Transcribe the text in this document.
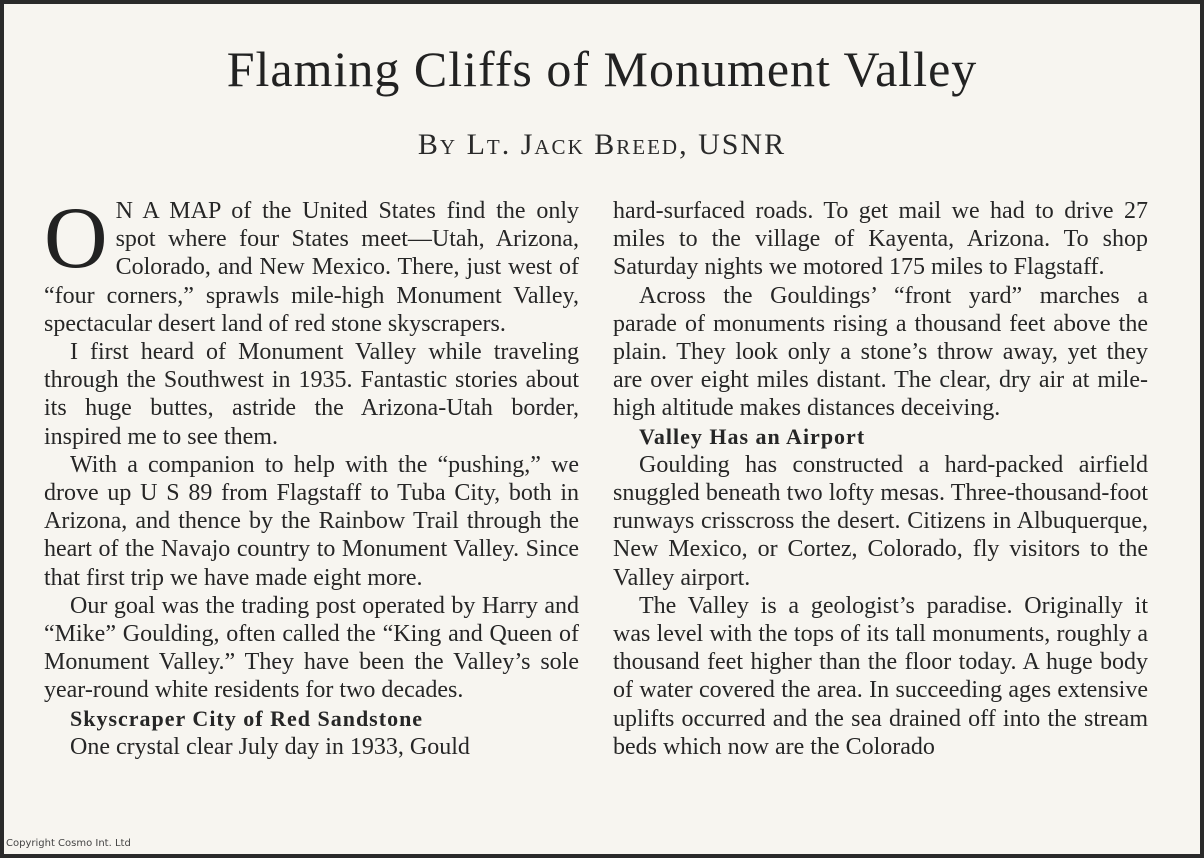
Flaming Cliffs of Monument Valley
By Lt. Jack Breed, USNR

O N A MAP of the United States find the only spot where four States meet—Utah, Arizona, Colorado, and New Mexico. There, just west of “four corners,” sprawls mile-high Monument Valley, spectacular desert land of red stone skyscrapers.

I first heard of Monument Valley while traveling through the Southwest in 1935. Fantastic stories about its huge buttes, astride the Arizona-Utah border, inspired me to see them.

With a companion to help with the “pushing,” we drove up U S 89 from Flagstaff to Tuba City, both in Arizona, and thence by the Rainbow Trail through the heart of the Navajo country to Monument Valley. Since that first trip we have made eight more.

Our goal was the trading post operated by Harry and “Mike” Goulding, often called the “King and Queen of Monument Valley.” They have been the Valley’s sole year-round white residents for two decades.

Skyscraper City of Red Sandstone

One crystal clear July day in 1933, Gould

hard-surfaced roads. To get mail we had to drive 27 miles to the village of Kayenta, Arizona. To shop Saturday nights we motored 175 miles to Flagstaff.

Across the Gouldings’ “front yard” marches a parade of monuments rising a thousand feet above the plain. They look only a stone’s throw away, yet they are over eight miles distant. The clear, dry air at mile-high altitude makes distances deceiving.

Valley Has an Airport

Goulding has constructed a hard-packed airfield snuggled beneath two lofty mesas. Three-thousand-foot runways crisscross the desert. Citizens in Albuquerque, New Mexico, or Cortez, Colorado, fly visitors to the Valley airport.

The Valley is a geologist’s paradise. Originally it was level with the tops of its tall monuments, roughly a thousand feet higher than the floor today. A huge body of water covered the area. In succeeding ages extensive uplifts occurred and the sea drained off into the stream beds which now are the Colorado

Copyright Cosmo Int. Ltd
